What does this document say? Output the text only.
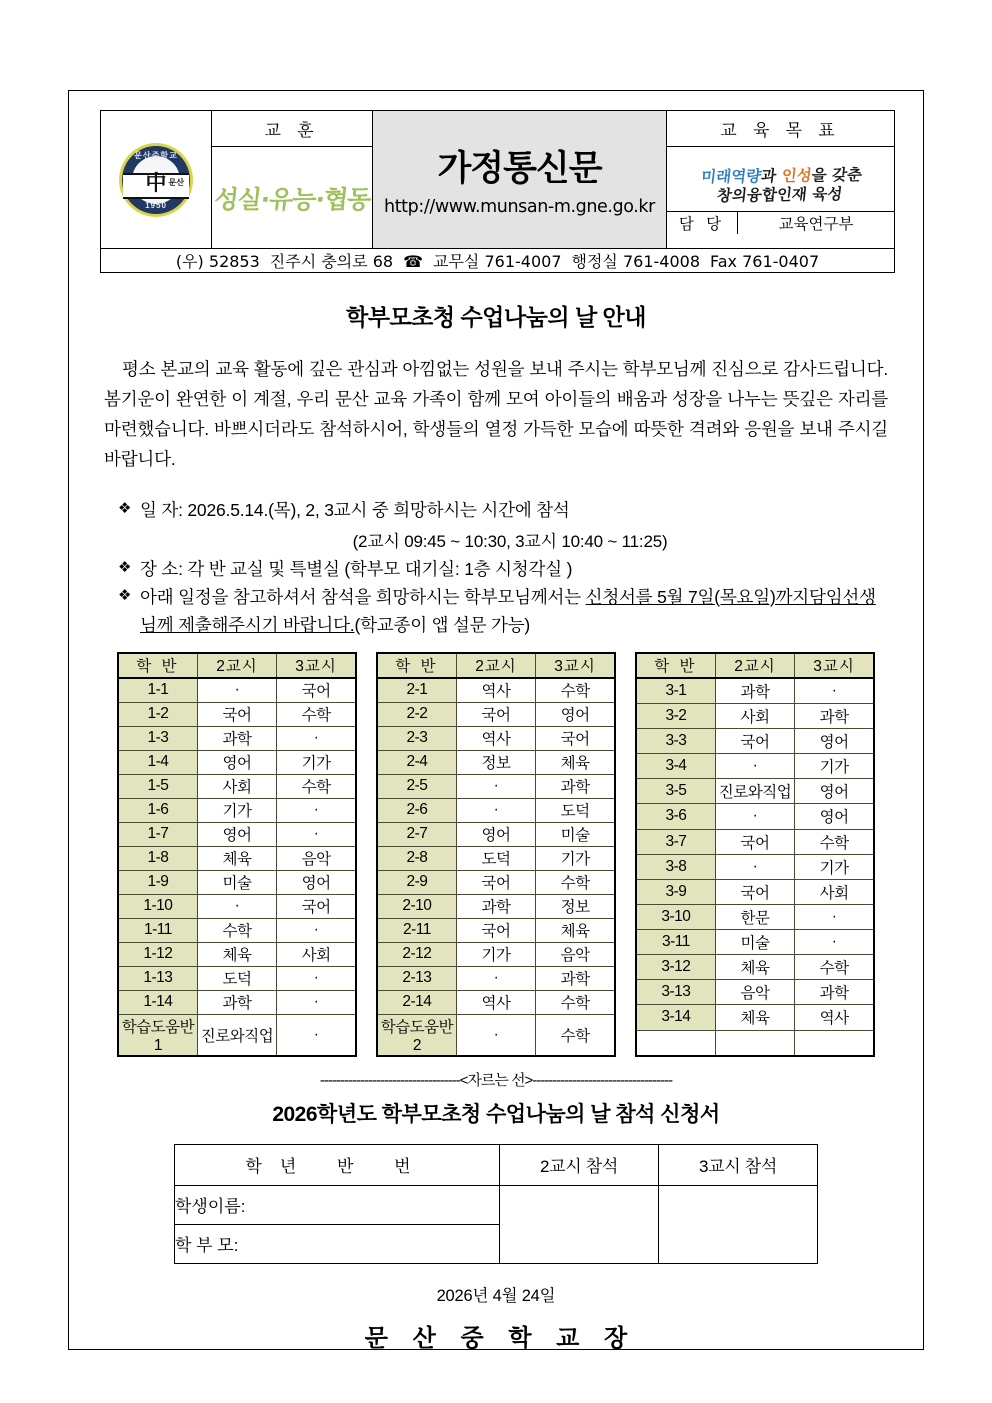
문산중학교
1950
中 문산
	교 훈	
가정통신문
http://www.munsan-m.gne.go.kr
	교 육 목 표
성실·유능·협동	
미래역량과 인성을 갖춘
창의융합인재 육성

담 당	교육연구부

(우) 52853 진주시 충의로 68 ☎ 교무실 761-4007 행정실 761-4008 Fax 761-0407
학부모초청 수업나눔의 날 안내
평소 본교의 교육 활동에 깊은 관심과 아낌없는 성원을 보내 주시는 학부모님께 진심으로 감사드립니다. 봄기운이 완연한 이 계절, 우리 문산 교육 가족이 함께 모여 아이들의 배움과 성장을 나누는 뜻깊은 자리를 마련했습니다. 바쁘시더라도 참석하시어, 학생들의 열정 가득한 모습에 따뜻한 격려와 응원을 보내 주시길 바랍니다.
❖ 일 자: 2026.5.14.(목), 2, 3교시 중 희망하시는 시간에 참석
(2교시 09:45 ~ 10:30, 3교시 10:40 ~ 11:25)
❖ 장 소: 각 반 교실 및 특별실 (학부모 대기실: 1층 시청각실 )
❖ 아래 일정을 참고하셔서 참석을 희망하시는 학부모님께서는 신청서를 5월 7일(목요일)까지담임선생님께 제출해주시기 바랍니다.(학교종이 앱 설문 가능)
학 반	2교시	3교시
1-1	·	국어
1-2	국어	수학
1-3	과학	·
1-4	영어	기가
1-5	사회	수학
1-6	기가	·
1-7	영어	·
1-8	체육	음악
1-9	미술	영어
1-10	·	국어
1-11	수학	·
1-12	체육	사회
1-13	도덕	·
1-14	과학	·
학습도움반1	진로와직업	·
학 반	2교시	3교시
2-1	역사	수학
2-2	국어	영어
2-3	역사	국어
2-4	정보	체육
2-5	·	과학
2-6	·	도덕
2-7	영어	미술
2-8	도덕	기가
2-9	국어	수학
2-10	과학	정보
2-11	국어	체육
2-12	기가	음악
2-13	·	과학
2-14	역사	수학
학습도움반2	·	수학
학 반	2교시	3교시
3-1	과학	·
3-2	사회	과학
3-3	국어	영어
3-4	·	기가
3-5	진로와직업	영어
3-6	·	영어
3-7	국어	수학
3-8	·	기가
3-9	국어	사회
3-10	한문	·
3-11	미술	·
3-12	체육	수학
3-13	음악	과학
3-14	체육	역사

-----------------------------------<자르는 선>-----------------------------------
2026학년도 학부모초청 수업나눔의 날 참석 신청서
학년 반 번	2교시 참석	3교시 참석
학생이름:		
학 부 모:		
2026년 4월 24일
문 산 중 학 교 장
